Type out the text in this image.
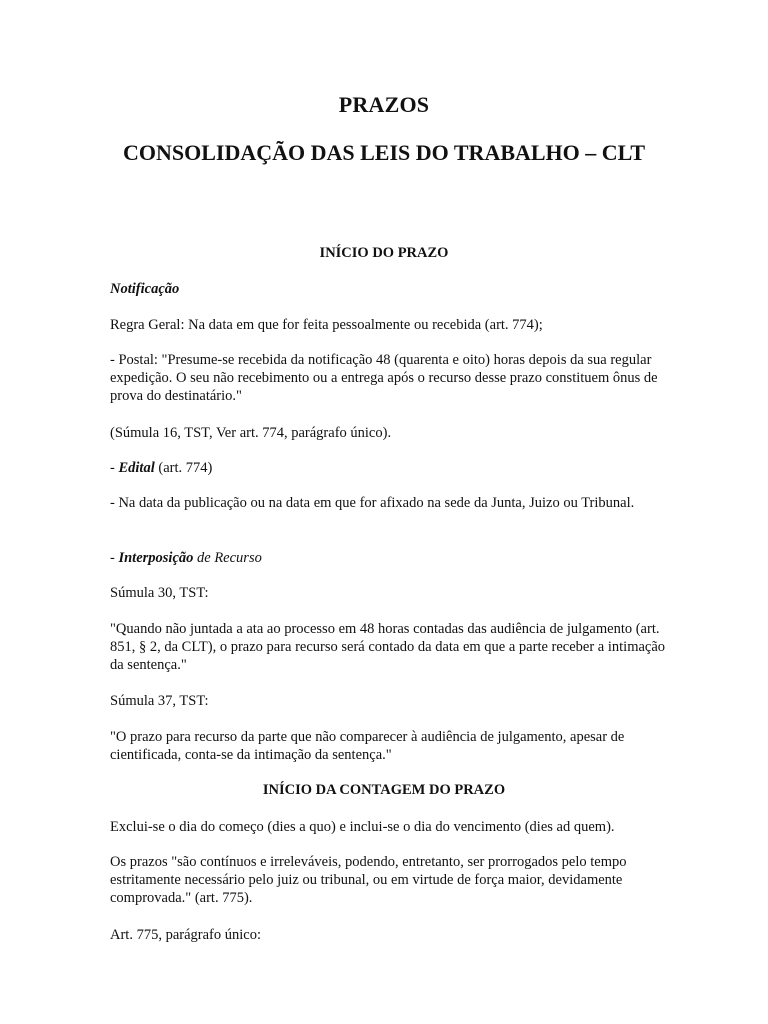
PRAZOS
CONSOLIDAÇÃO DAS LEIS DO TRABALHO – CLT
INÍCIO DO PRAZO
Notificação
Regra Geral: Na data em que for feita pessoalmente ou recebida (art. 774);
- Postal: "Presume-se recebida da notificação 48 (quarenta e oito) horas depois da sua regular expedição. O seu não recebimento ou a entrega após o recurso desse prazo constituem ônus de prova do destinatário."
(Súmula 16, TST, Ver art. 774, parágrafo único).
- Edital (art. 774)
- Na data da publicação ou na data em que for afixado na sede da Junta, Juizo ou Tribunal.
- Interposição de Recurso
Súmula 30, TST:
"Quando não juntada a ata ao processo em 48 horas contadas das audiência de julgamento (art. 851, § 2, da CLT), o prazo para recurso será contado da data em que a parte receber a intimação da sentença."
Súmula 37, TST:
"O prazo para recurso da parte que não comparecer à audiência de julgamento, apesar de cientificada, conta-se da intimação da sentença."
INÍCIO DA CONTAGEM DO PRAZO
Exclui-se o dia do começo (dies a quo) e inclui-se o dia do vencimento (dies ad quem).
Os prazos "são contínuos e irreleváveis, podendo, entretanto, ser prorrogados pelo tempo estritamente necessário pelo juiz ou tribunal, ou em virtude de força maior, devidamente comprovada." (art. 775).
Art. 775, parágrafo único:
